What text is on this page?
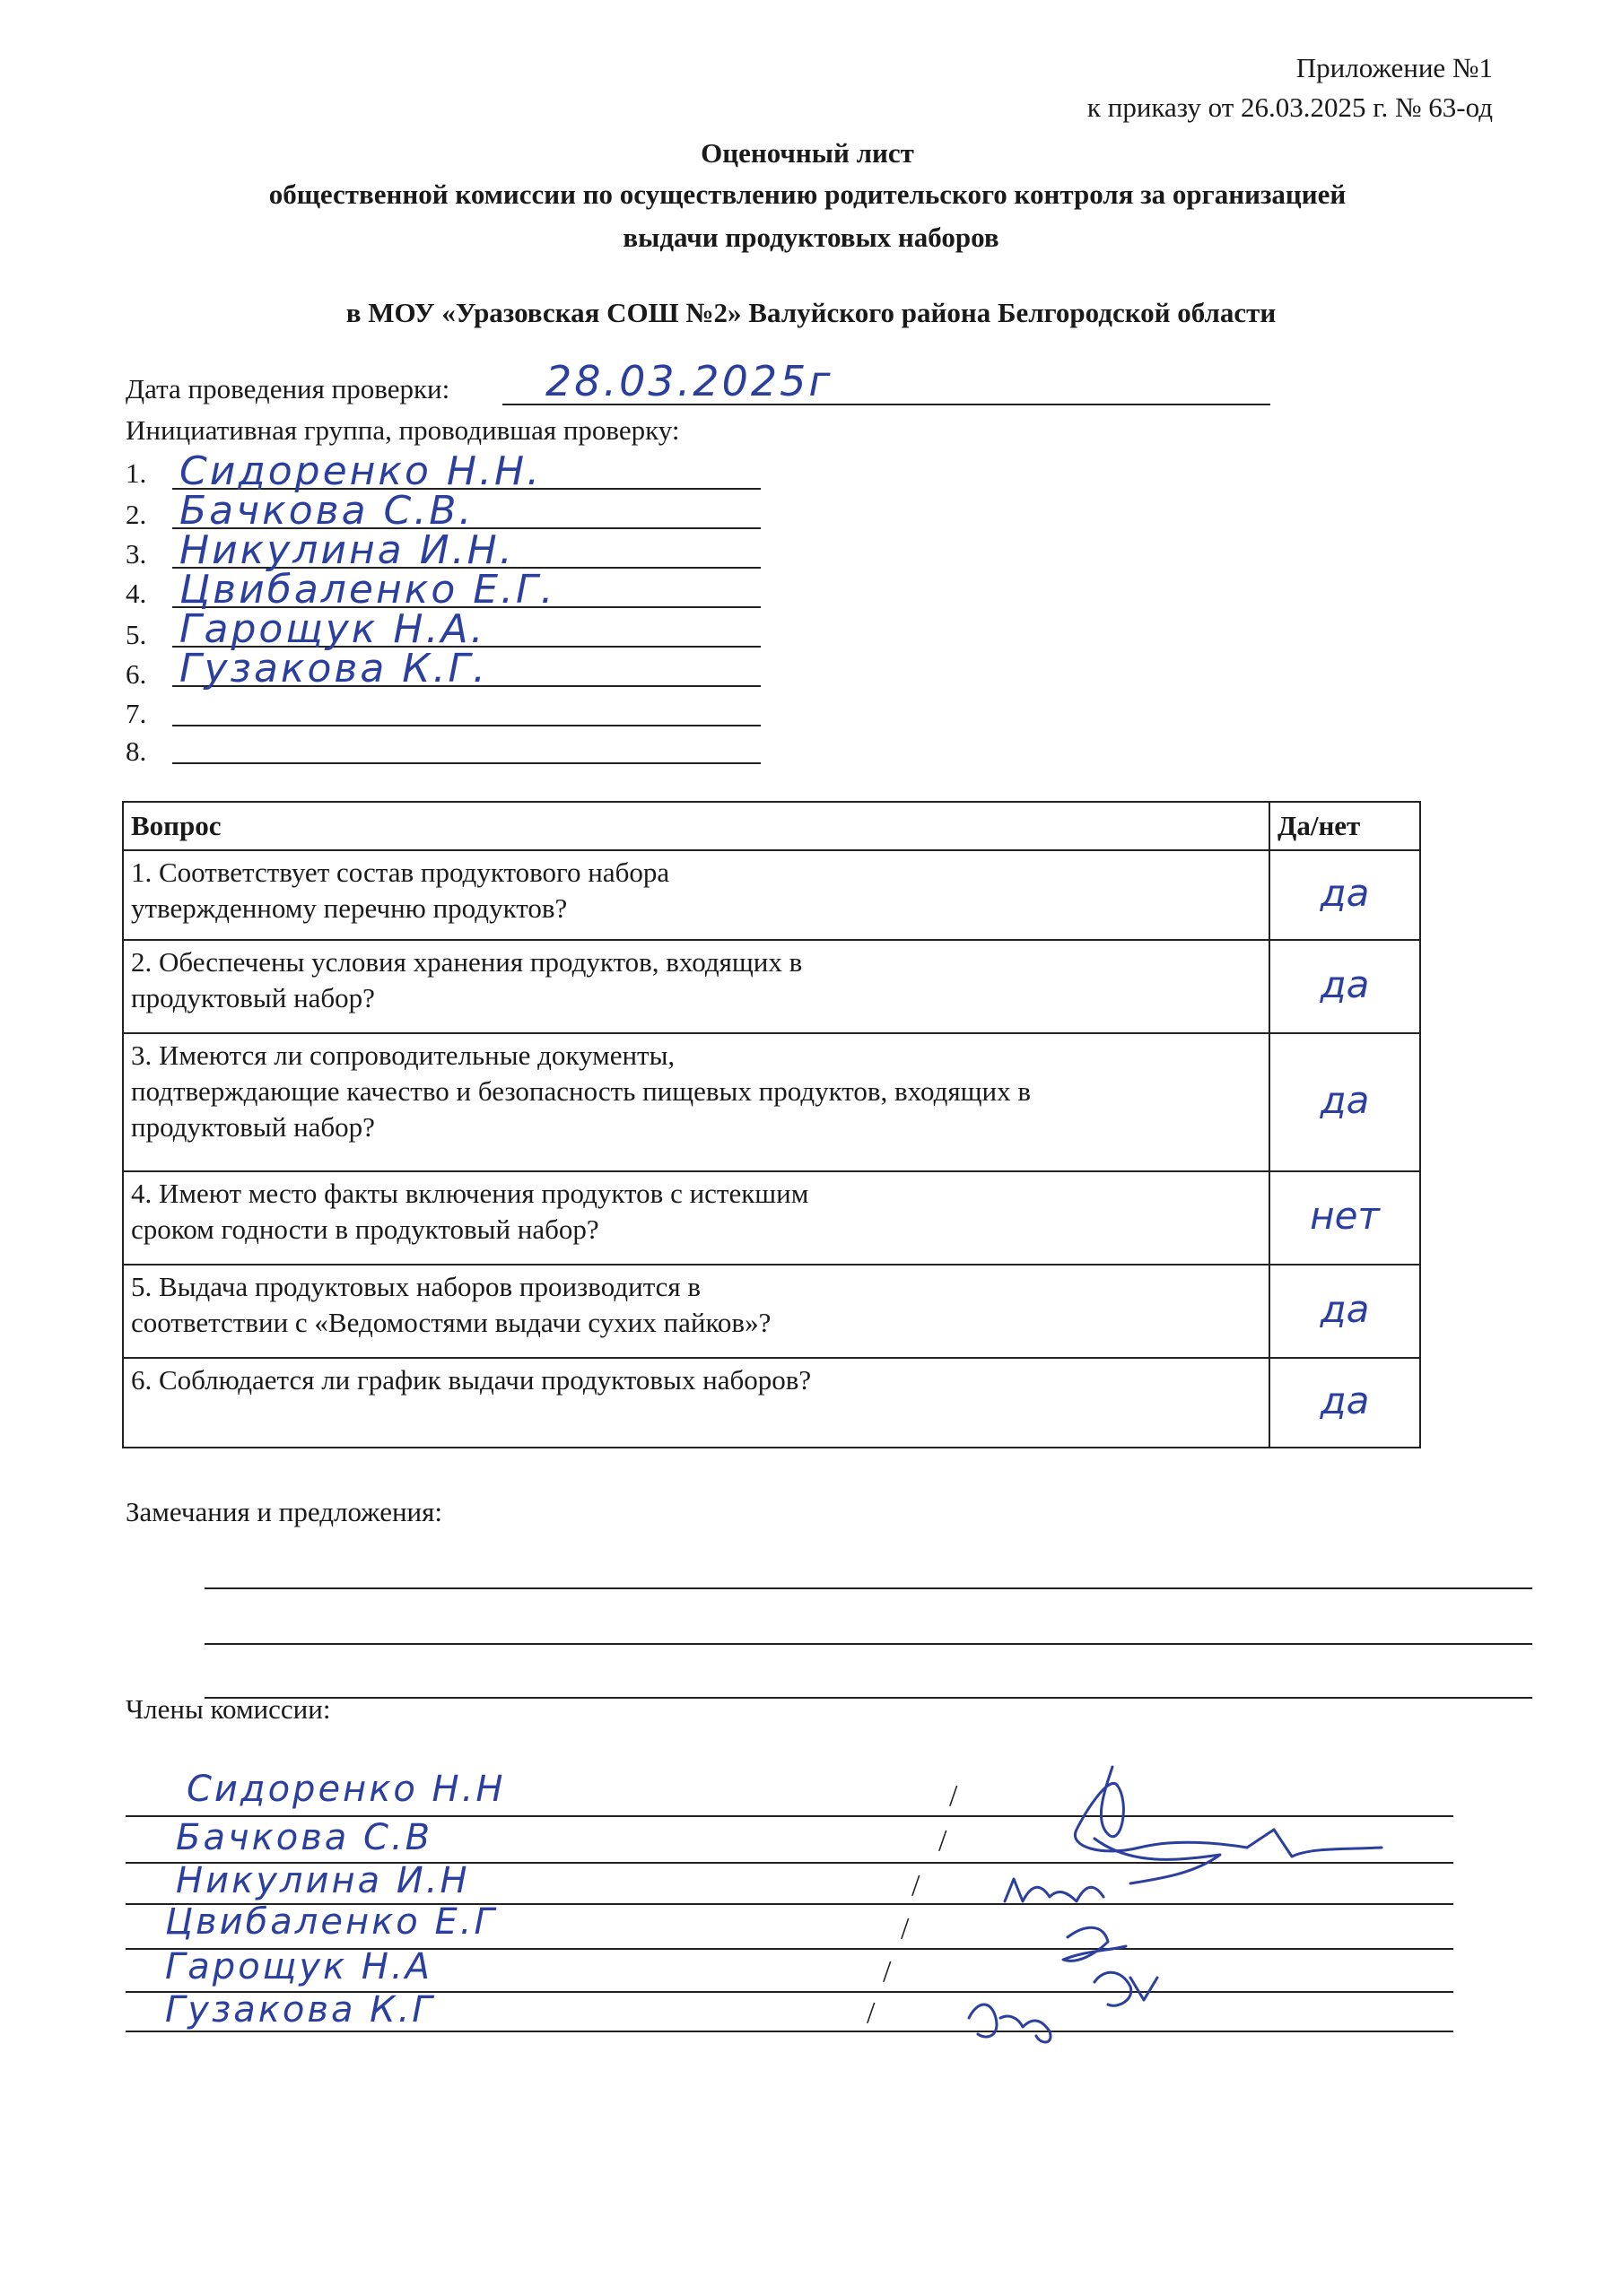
Приложение №1
к приказу от 26.03.2025 г. № 63-од
Оценочный лист
общественной комиссии по осуществлению родительского контроля за организацией
выдачи продуктовых наборов
в МОУ «Уразовская СОШ №2» Валуйского района Белгородской области
Дата проведения проверки: 28.03.2025г
Инициативная группа, проводившая проверку:
1. Сидоренко Н.Н.
2. Бачкова С.В.
3. Никулина И.Н.
4. Цвибаленко Е.Г.
5. Гарощук Н.А.
6. Гузакова К.Г.
7.
8.
Вопрос	Да/нет

1. Соответствует состав продуктового набора
утвержденному перечню продуктов?	да

2. Обеспечены условия хранения продуктов, входящих в
продуктовый набор?	да

3. Имеются ли сопроводительные документы,
подтверждающие качество и безопасность пищевых продуктов, входящих в
продуктовый набор?	да

4. Имеют место факты включения продуктов с истекшим
сроком годности в продуктовый набор?	нет

5. Выдача продуктовых наборов производится в
соответствии с «Ведомостями выдачи сухих пайков»?	да

6. Соблюдается ли график выдачи продуктовых наборов?	да
Замечания и предложения:
Члены комиссии:
Сидоренко Н.Н	/
Бачкова С.В	/
Никулина И.Н	/
Цвибаленко Е.Г	/
Гарощук Н.А	/
Гузакова К.Г	/
